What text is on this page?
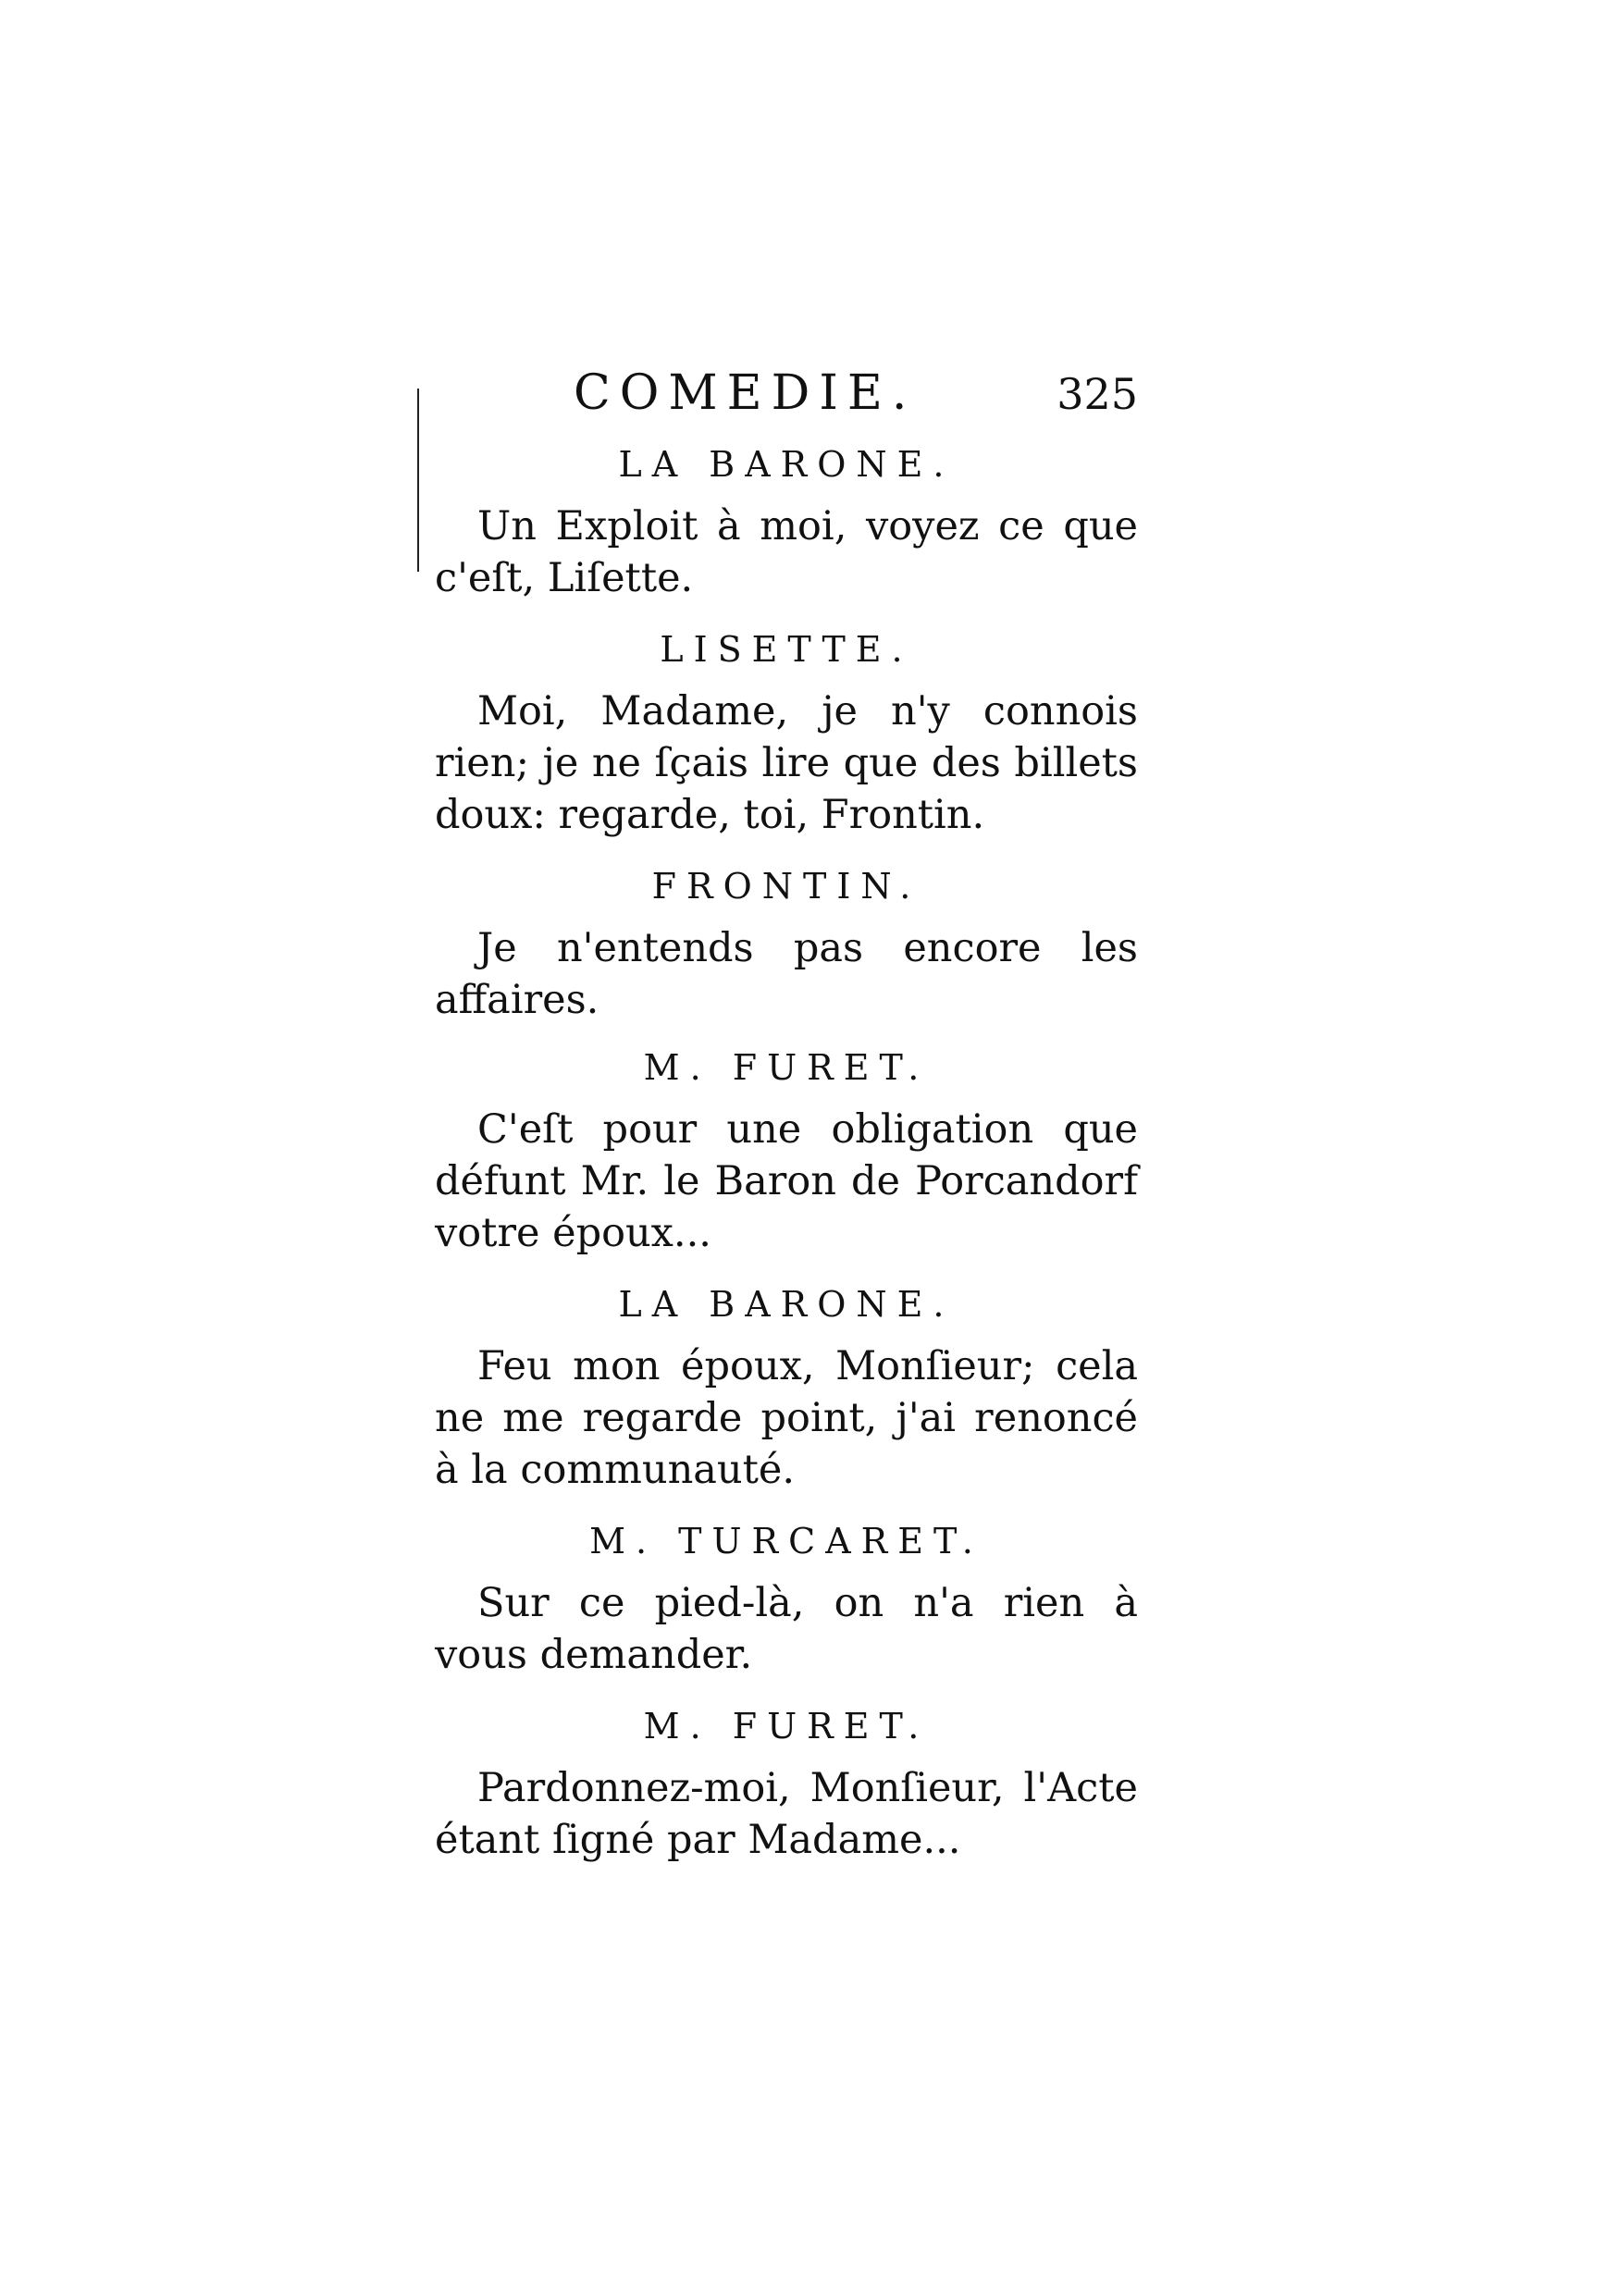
COMEDIE.	325
LA BARONE.

Un Exploit à moi, voyez ce que c'eſt, Liſette.

LISETTE.

Moi, Madame, je n'y connois rien; je ne ſçais lire que des billets doux: regarde, toi, Frontin.

FRONTIN.

Je n'entends pas encore les affaires.

M. FURET.

C'eſt pour une obligation que défunt Mr. le Baron de Porcandorf votre époux...

LA BARONE.

Feu mon époux, Monſieur; cela ne me regarde point, j'ai renoncé à la communauté.

M. TURCARET.

Sur ce pied-là, on n'a rien à vous demander.

M. FURET.

Pardonnez-moi, Monſieur, l'Acte étant ſigné par Madame...
